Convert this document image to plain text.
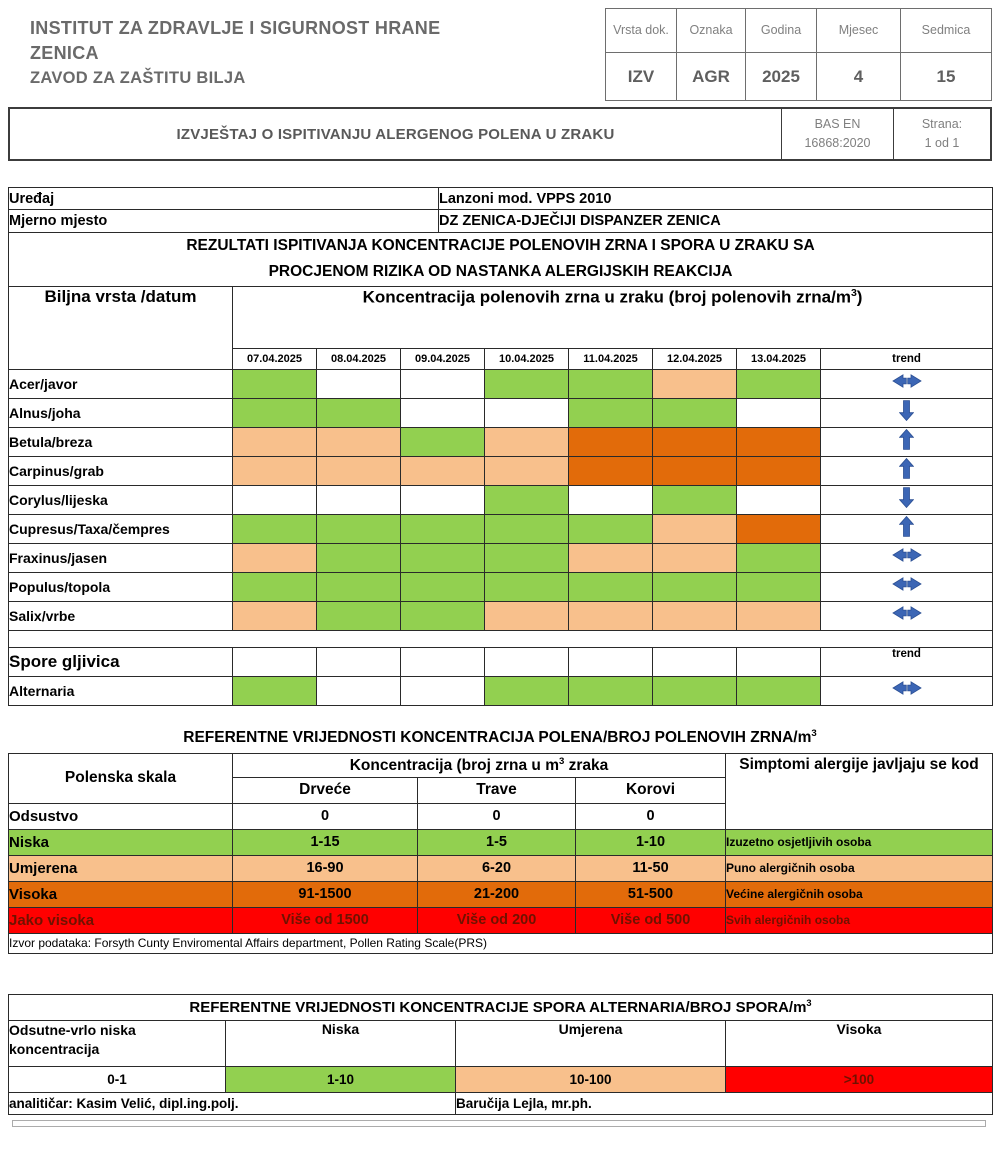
INSTITUT ZA ZDRAVLJE I SIGURNOST HRANE
ZENICA
ZAVOD ZA ZAŠTITU BILJA
Vrsta dok.	Oznaka	Godina	Mjesec	Sedmica
IZV	AGR	2025	4	15
IZVJEŠTAJ O ISPITIVANJU ALERGENOG POLENA U ZRAKU
BAS EN
16868:2020
Strana:
1 od 1
Uređaj	Lanzoni mod. VPPS 2010
Mjerno mjesto	DZ ZENICA-DJEČIJI DISPANZER ZENICA
REZULTATI ISPITIVANJA KONCENTRACIJE POLENOVIH ZRNA I SPORA U ZRAKU SA
PROCJENOM RIZIKA OD NASTANKA ALERGIJSKIH REAKCIJA								
Biljna vrsta /datum	Koncentracija polenovih zrna u zraku (broj polenovih zrna/$m^3$)							
	07.04.2025	08.04.2025	09.04.2025	10.04.2025	11.04.2025	12.04.2025	13.04.2025	trend
Acer/javor								
Alnus/joha								
Betula/breza								
Carpinus/grab								
Corylus/lijeska								
Cupresus/Taxa/čempres								
Fraxinus/jasen								
Populus/topola								
Salix/vrbe								

Spore gljivica								trend
Alternaria								
REFERENTNE VRIJEDNOSTI KONCENTRACIJA POLENA/BROJ POLENOVIH ZRNA/$m^3$
Polenska skala	Koncentracija (broj zrna u $m^3$ zraka			Simptomi alergije javljaju se kod
	Drveće	Trave	Korovi	
Odsustvo	0	0	0	
Niska	1-15	1-5	1-10	Izuzetno osjetljivih osoba
Umjerena	16-90	6-20	11-50	Puno alergičnih osoba
Visoka	91-1500	21-200	51-500	Većine alergičnih osoba
Jako visoka	Više od 1500	Više od 200	Više od 500	Svih alergičnih osoba
Izvor podataka: Forsyth Cunty Enviromental Affairs department, Pollen Rating Scale(PRS)				
REFERENTNE VRIJEDNOSTI KONCENTRACIJE SPORA ALTERNARIA/BROJ SPORA/$m^3$
Odsutne-vrlo niska koncentracija	Niska	Umjerena	Visoka
0-1	1-10	10-100	>100
analitičar: Kasim Velić, dipl.ing.polj.		Baručija Lejla, mr.ph.	
